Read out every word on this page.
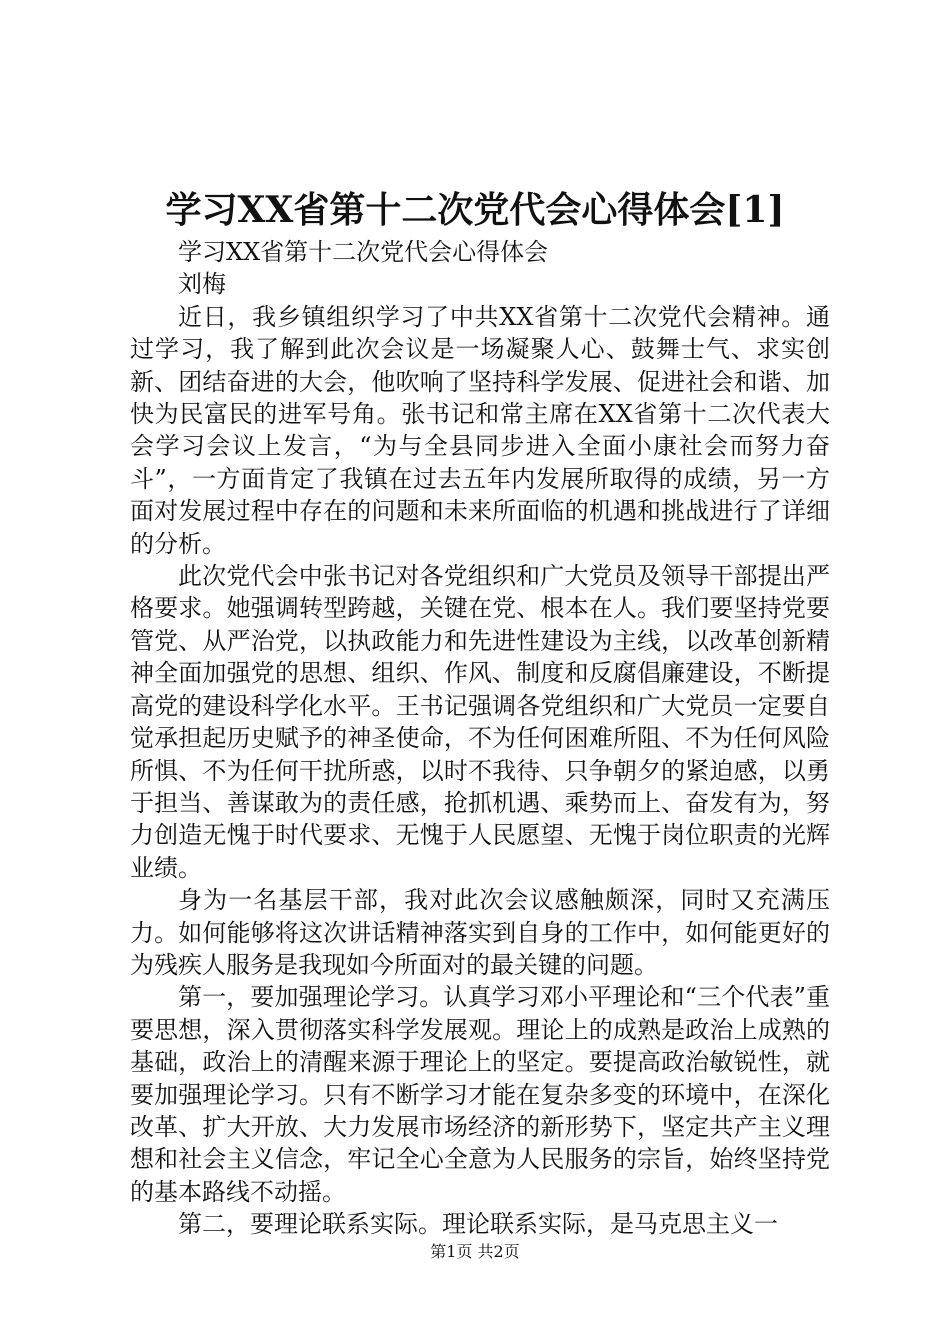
学习XX省第十二次党代会心得体会[1]
学习XX省第十二次党代会心得体会
刘梅

近日，我乡镇组织学习了中共XX省第十二次党代会精神。通过学习，我了解到此次会议是一场凝聚人心、鼓舞士气、求实创新、团结奋进的大会，他吹响了坚持科学发展、促进社会和谐、加快为民富民的进军号角。张书记和常主席在XX省第十二次代表大会学习会议上发言，“为与全县同步进入全面小康社会而努力奋斗”，一方面肯定了我镇在过去五年内发展所取得的成绩，另一方面对发展过程中存在的问题和未来所面临的机遇和挑战进行了详细的分析。

此次党代会中张书记对各党组织和广大党员及领导干部提出严格要求。她强调转型跨越，关键在党、根本在人。我们要坚持党要管党、从严治党，以执政能力和先进性建设为主线，以改革创新精神全面加强党的思想、组织、作风、制度和反腐倡廉建设，不断提高党的建设科学化水平。王书记强调各党组织和广大党员一定要自觉承担起历史赋予的神圣使命，不为任何困难所阻、不为任何风险所惧、不为任何干扰所惑，以时不我待、只争朝夕的紧迫感，以勇于担当、善谋敢为的责任感，抢抓机遇、乘势而上、奋发有为，努力创造无愧于时代要求、无愧于人民愿望、无愧于岗位职责的光辉业绩。

身为一名基层干部，我对此次会议感触颇深，同时又充满压力。如何能够将这次讲话精神落实到自身的工作中，如何能更好的为残疾人服务是我现如今所面对的最关键的问题。

第一，要加强理论学习。认真学习邓小平理论和“三个代表”重要思想，深入贯彻落实科学发展观。理论上的成熟是政治上成熟的基础，政治上的清醒来源于理论上的坚定。要提高政治敏锐性，就要加强理论学习。只有不断学习才能在复杂多变的环境中，在深化改革、扩大开放、大力发展市场经济的新形势下，坚定共产主义理想和社会主义信念，牢记全心全意为人民服务的宗旨，始终坚持党的基本路线不动摇。

第二，要理论联系实际。理论联系实际，是马克思主义一

第1页 共2页
